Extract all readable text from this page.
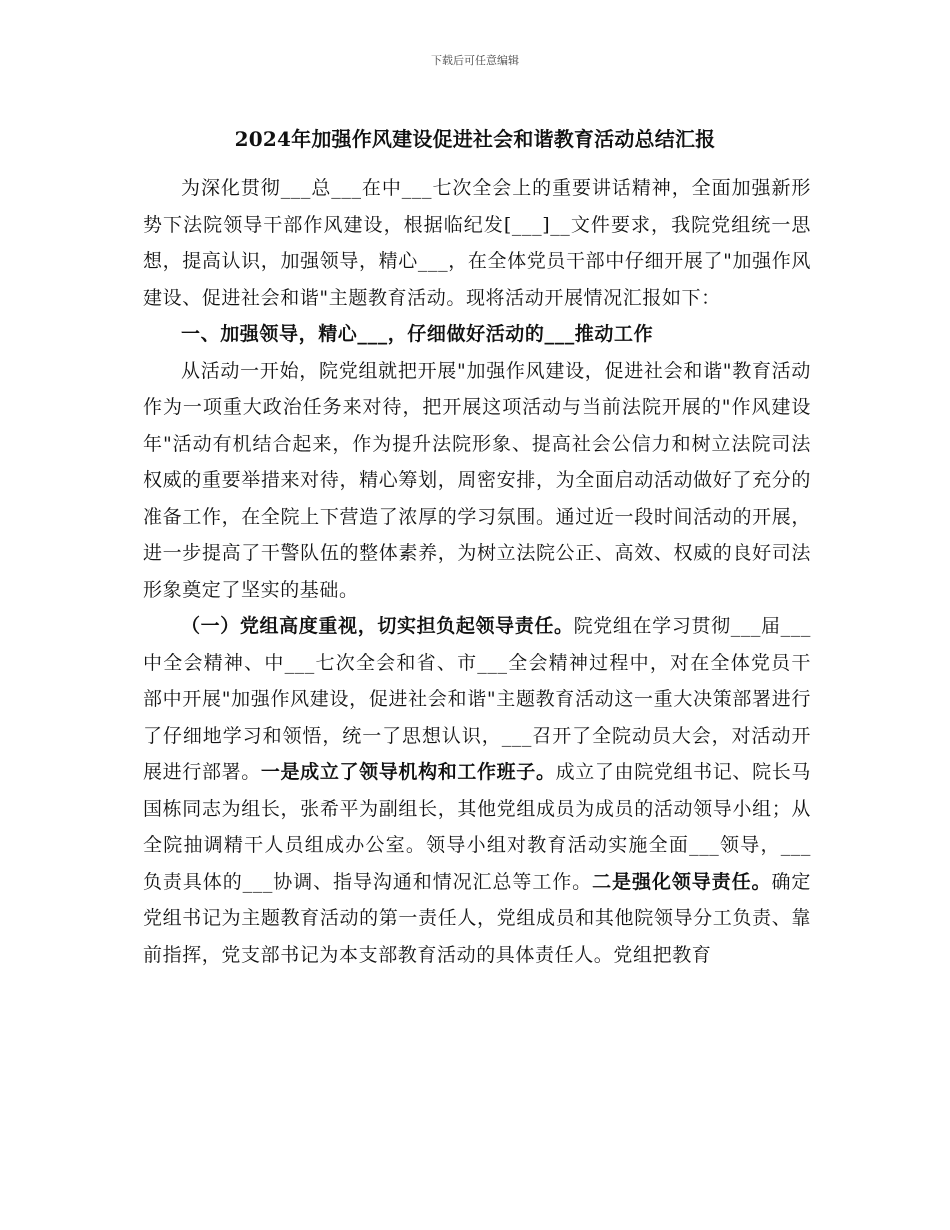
下载后可任意编辑
2024年加强作风建设促进社会和谐教育活动总结汇报

为深化贯彻___总___在中___七次全会上的重要讲话精神，全面加强新形势下法院领导干部作风建设，根据临纪发[___]__文件要求，我院党组统一思想，提高认识，加强领导，精心___，在全体党员干部中仔细开展了"加强作风建设、促进社会和谐"主题教育活动。现将活动开展情况汇报如下：

一、加强领导，精心___，仔细做好活动的___推动工作

从活动一开始，院党组就把开展"加强作风建设，促进社会和谐"教育活动作为一项重大政治任务来对待，把开展这项活动与当前法院开展的"作风建设年"活动有机结合起来，作为提升法院形象、提高社会公信力和树立法院司法权威的重要举措来对待，精心筹划，周密安排，为全面启动活动做好了充分的准备工作，在全院上下营造了浓厚的学习氛围。通过近一段时间活动的开展，进一步提高了干警队伍的整体素养，为树立法院公正、高效、权威的良好司法形象奠定了坚实的基础。

（一）党组高度重视，切实担负起领导责任。院党组在学习贯彻___届___中全会精神、中___七次全会和省、市___全会精神过程中，对在全体党员干部中开展"加强作风建设，促进社会和谐"主题教育活动这一重大决策部署进行了仔细地学习和领悟，统一了思想认识，___召开了全院动员大会，对活动开展进行部署。一是成立了领导机构和工作班子。成立了由院党组书记、院长马国栋同志为组长，张希平为副组长，其他党组成员为成员的活动领导小组；从全院抽调精干人员组成办公室。领导小组对教育活动实施全面___领导，___负责具体的___协调、指导沟通和情况汇总等工作。二是强化领导责任。确定党组书记为主题教育活动的第一责任人，党组成员和其他院领导分工负责、靠前指挥，党支部书记为本支部教育活动的具体责任人。党组把教育
